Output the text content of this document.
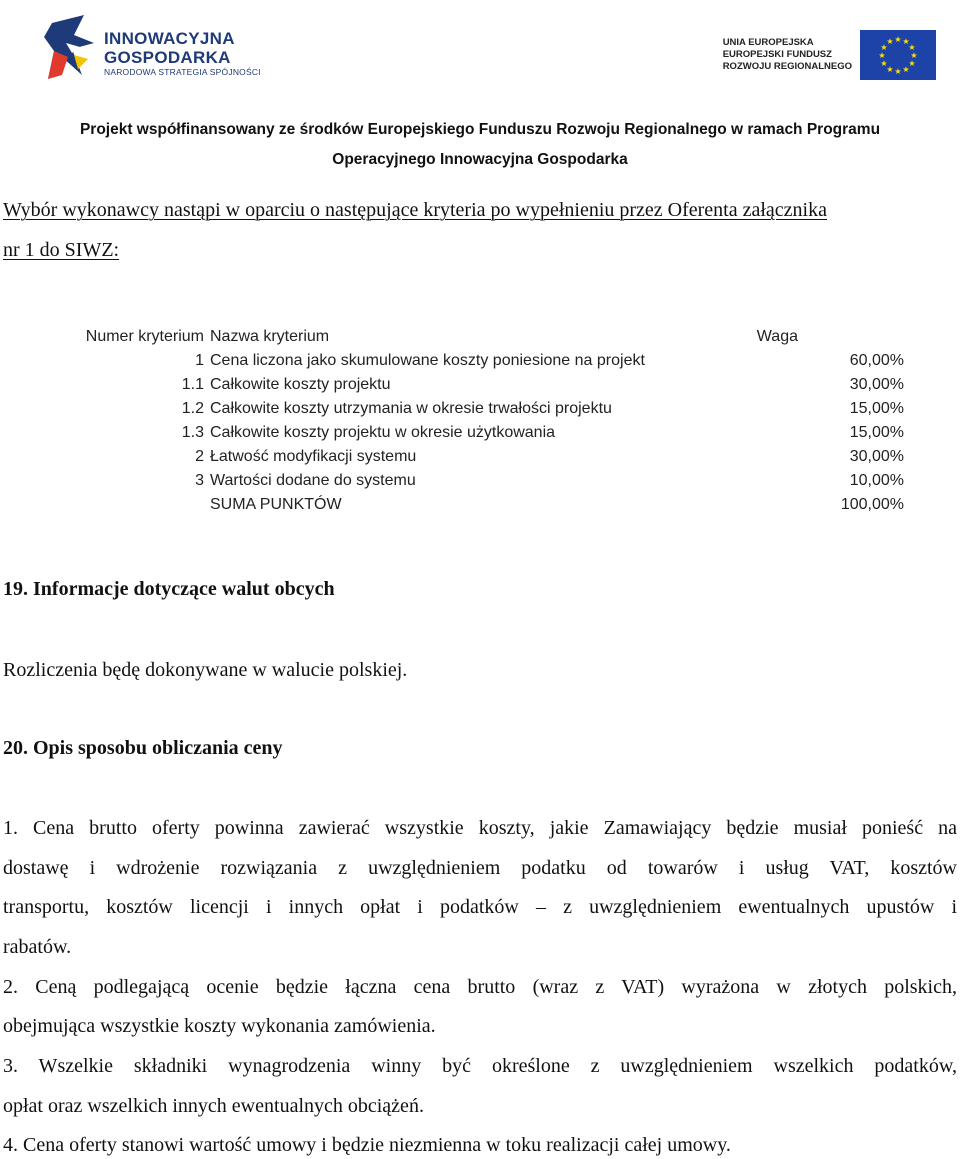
INNOWACYJNA
GOSPODARKA
NARODOWA STRATEGIA SPÓJNOŚCI
UNIA EUROPEJSKA
EUROPEJSKI FUNDUSZ
ROZWOJU REGIONALNEGO
★ ★
★
★
★
★
★
★
★
★
★
★
Projekt współfinansowany ze środków Europejskiego Funduszu Rozwoju Regionalnego w ramach Programu
Operacyjnego Innowacyjna Gospodarka
Wybór wykonawcy nastąpi w oparciu o następujące kryteria po wypełnieniu przez Oferenta załącznika
nr 1 do SIWZ:
Numer kryterium Nazwa kryterium	Waga
1 Cena liczona jako skumulowane koszty poniesione na projekt	60,00%
1.1 Całkowite koszty projektu	30,00%
1.2 Całkowite koszty utrzymania w okresie trwałości projektu	15,00%
1.3 Całkowite koszty projektu w okresie użytkowania	15,00%
2 Łatwość modyfikacji systemu	30,00%
3 Wartości dodane do systemu	10,00%
SUMA PUNKTÓW	100,00%
19. Informacje dotyczące walut obcych
Rozliczenia będę dokonywane w walucie polskiej.
20. Opis sposobu obliczania ceny
1. Cena brutto oferty powinna zawierać wszystkie koszty, jakie Zamawiający będzie musiał ponieść na
dostawę i wdrożenie rozwiązania z uwzględnieniem podatku od towarów i usług VAT, kosztów
transportu, kosztów licencji i innych opłat i podatków – z uwzględnieniem ewentualnych upustów i
rabatów.
2. Ceną podlegającą ocenie będzie łączna cena brutto (wraz z VAT) wyrażona w złotych polskich,
obejmująca wszystkie koszty wykonania zamówienia.
3. Wszelkie składniki wynagrodzenia winny być określone z uwzględnieniem wszelkich podatków,
opłat oraz wszelkich innych ewentualnych obciążeń.
4. Cena oferty stanowi wartość umowy i będzie niezmienna w toku realizacji całej umowy.
